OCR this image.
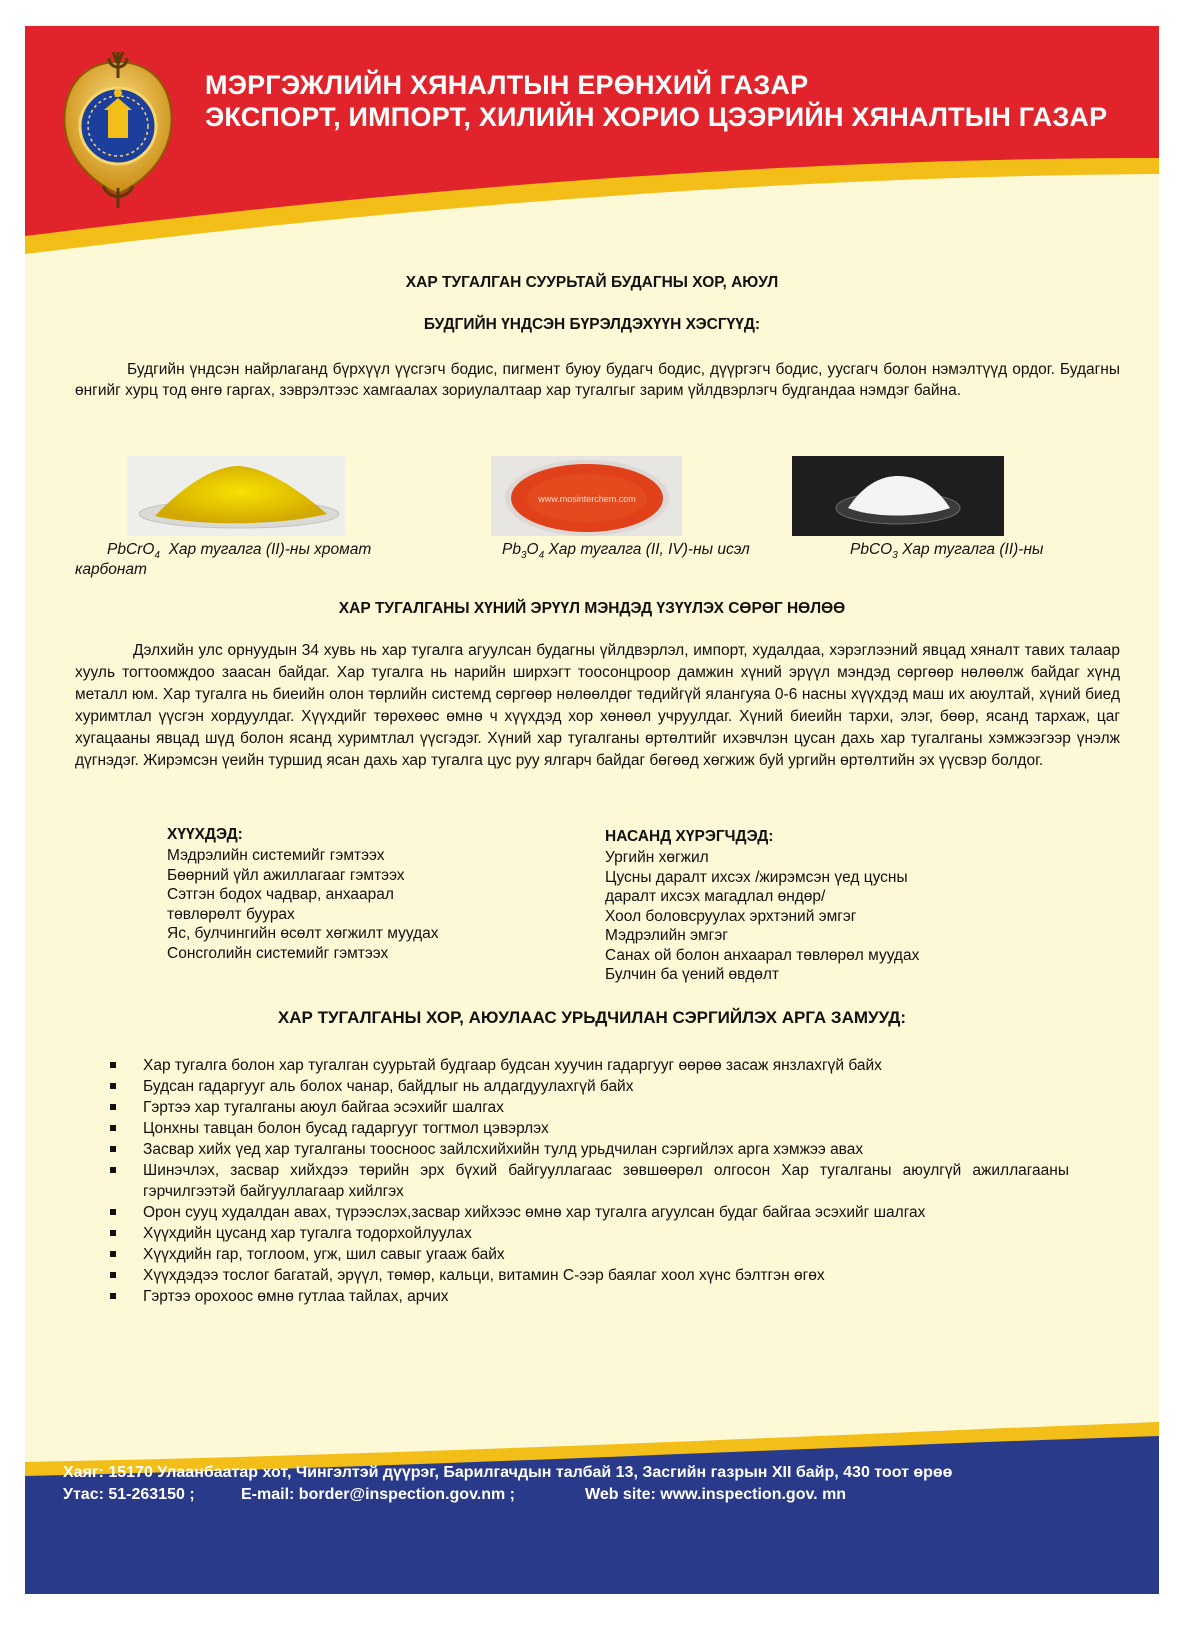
МЭРГЭЖЛИЙН ХЯНАЛТЫН ЕРӨНХИЙ ГАЗАР
ЭКСПОРТ, ИМПОРТ, ХИЛИЙН ХОРИО ЦЭЭРИЙН ХЯНАЛТЫН ГАЗАР
ХАР ТУГАЛГАН СУУРЬТАЙ БУДАГНЫ ХОР, АЮУЛ
БУДГИЙН ҮНДСЭН БҮРЭЛДЭХҮҮН ХЭСГҮҮД:

Будгийн үндсэн найрлаганд бүрхүүл үүсгэгч бодис, пигмент буюу будагч бодис, дүүргэгч бодис, уусгагч болон нэмэлтүүд ордог. Будагны өнгийг хурц тод өнгө гаргах, зэврэлтээс хамгаалах зориулалтаар хар тугалгыг зарим үйлдвэрлэгч будгандаа нэмдэг байна.

www.mosinterchem.com
PbCrO$_4$ Хар тугалга (II)-ны хромат
карбонат
$Pb_3O_4$ Хар тугалга (II, IV)-ны исэл	PbCO$_3$ Хар тугалга (II)-ны
ХАР ТУГАЛГАНЫ ХҮНИЙ ЭРҮҮЛ МЭНДЭД ҮЗҮҮЛЭХ СӨРӨГ НӨЛӨӨ

Дэлхийн улс орнуудын 34 хувь нь хар тугалга агуулсан будагны үйлдвэрлэл, импорт, худалдаа, хэрэглээний явцад хяналт тавих талаар хууль тогтоомждоо заасан байдаг. Хар тугалга нь нарийн ширхэгт тоосонцроор дамжин хүний эрүүл мэндэд сөргөөр нөлөөлж байдаг хүнд металл юм. Хар тугалга нь биеийн олон төрлийн системд сөргөөр нөлөөлдөг төдийгүй ялангуяа 0-6 насны хүүхдэд маш их аюултай, хүний биед хуримтлал үүсгэн хордуулдаг. Хүүхдийг төрөхөөс өмнө ч хүүхдэд хор хөнөөл учруулдаг. Хүний биеийн тархи, элэг, бөөр, ясанд тархаж, цаг хугацааны явцад шүд болон ясанд хуримтлал үүсгэдэг. Хүний хар тугалганы өртөлтийг ихэвчлэн цусан дахь хар тугалганы хэмжээгээр үнэлж дүгнэдэг. Жирэмсэн үеийн туршид ясан дахь хар тугалга цус руу ялгарч байдаг бөгөөд хөгжиж буй ургийн өртөлтийн эх үүсвэр болдог.

ХҮҮХДЭД:
Мэдрэлийн системийг гэмтээх
Бөөрний үйл ажиллагааг гэмтээх
Сэтгэн бодох чадвар, анхаарал
төвлөрөлт буурах
Яс, булчингийн өсөлт хөгжилт муудах
Сонсголийн системийг гэмтээх
НАСАНД ХҮРЭГЧДЭД:
Ургийн хөгжил
Цусны даралт ихсэх /жирэмсэн үед цусны
даралт ихсэх магадлал өндөр/
Хоол боловсруулах эрхтэний эмгэг
Мэдрэлийн эмгэг
Санах ой болон анхаарал төвлөрөл муудах
Булчин ба үений өвдөлт
ХАР ТУГАЛГАНЫ ХОР, АЮУЛААС УРЬДЧИЛАН СЭРГИЙЛЭХ АРГА ЗАМУУД:
Хар тугалга болон хар тугалган суурьтай будгаар будсан хуучин гадаргууг өөрөө засаж янзлахгүй байх
Будсан гадаргууг аль болох чанар, байдлыг нь алдагдуулахгүй байх
Гэртээ хар тугалганы аюул байгаа эсэхийг шалгах
Цонхны тавцан болон бусад гадаргууг тогтмол цэвэрлэх
Засвар хийх үед хар тугалганы тоосноос зайлсхийхийн тулд урьдчилан сэргийлэх арга хэмжээ авах
Шинэчлэх, засвар хийхдээ төрийн эрх бүхий байгууллагаас зөвшөөрөл олгосон Хар тугалганы аюулгүй ажиллагааны гэрчилгээтэй байгууллагаар хийлгэх
Орон сууц худалдан авах, түрээслэх,засвар хийхээс өмнө хар тугалга агуулсан будаг байгаа эсэхийг шалгах
Хүүхдийн цусанд хар тугалга тодорхойлуулах
Хүүхдийн гар, тоглоом, угж, шил савыг угааж байх
Хүүхдэдээ тослог багатай, эрүүл, төмөр, кальци, витамин С-ээр баялаг хоол хүнс бэлтгэн өгөх
Гэртээ орохоос өмнө гутлаа тайлах, арчих
Хаяг: 15170 Улаанбаатар хот, Чингэлтэй дүүрэг, Барилгачдын талбай 13, Засгийн газрын XII байр, 430 тоот өрөө
Утас: 51-263150 ;	E-mail: border@inspection.gov.nm ;	Web site: www.inspection.gov. mn
